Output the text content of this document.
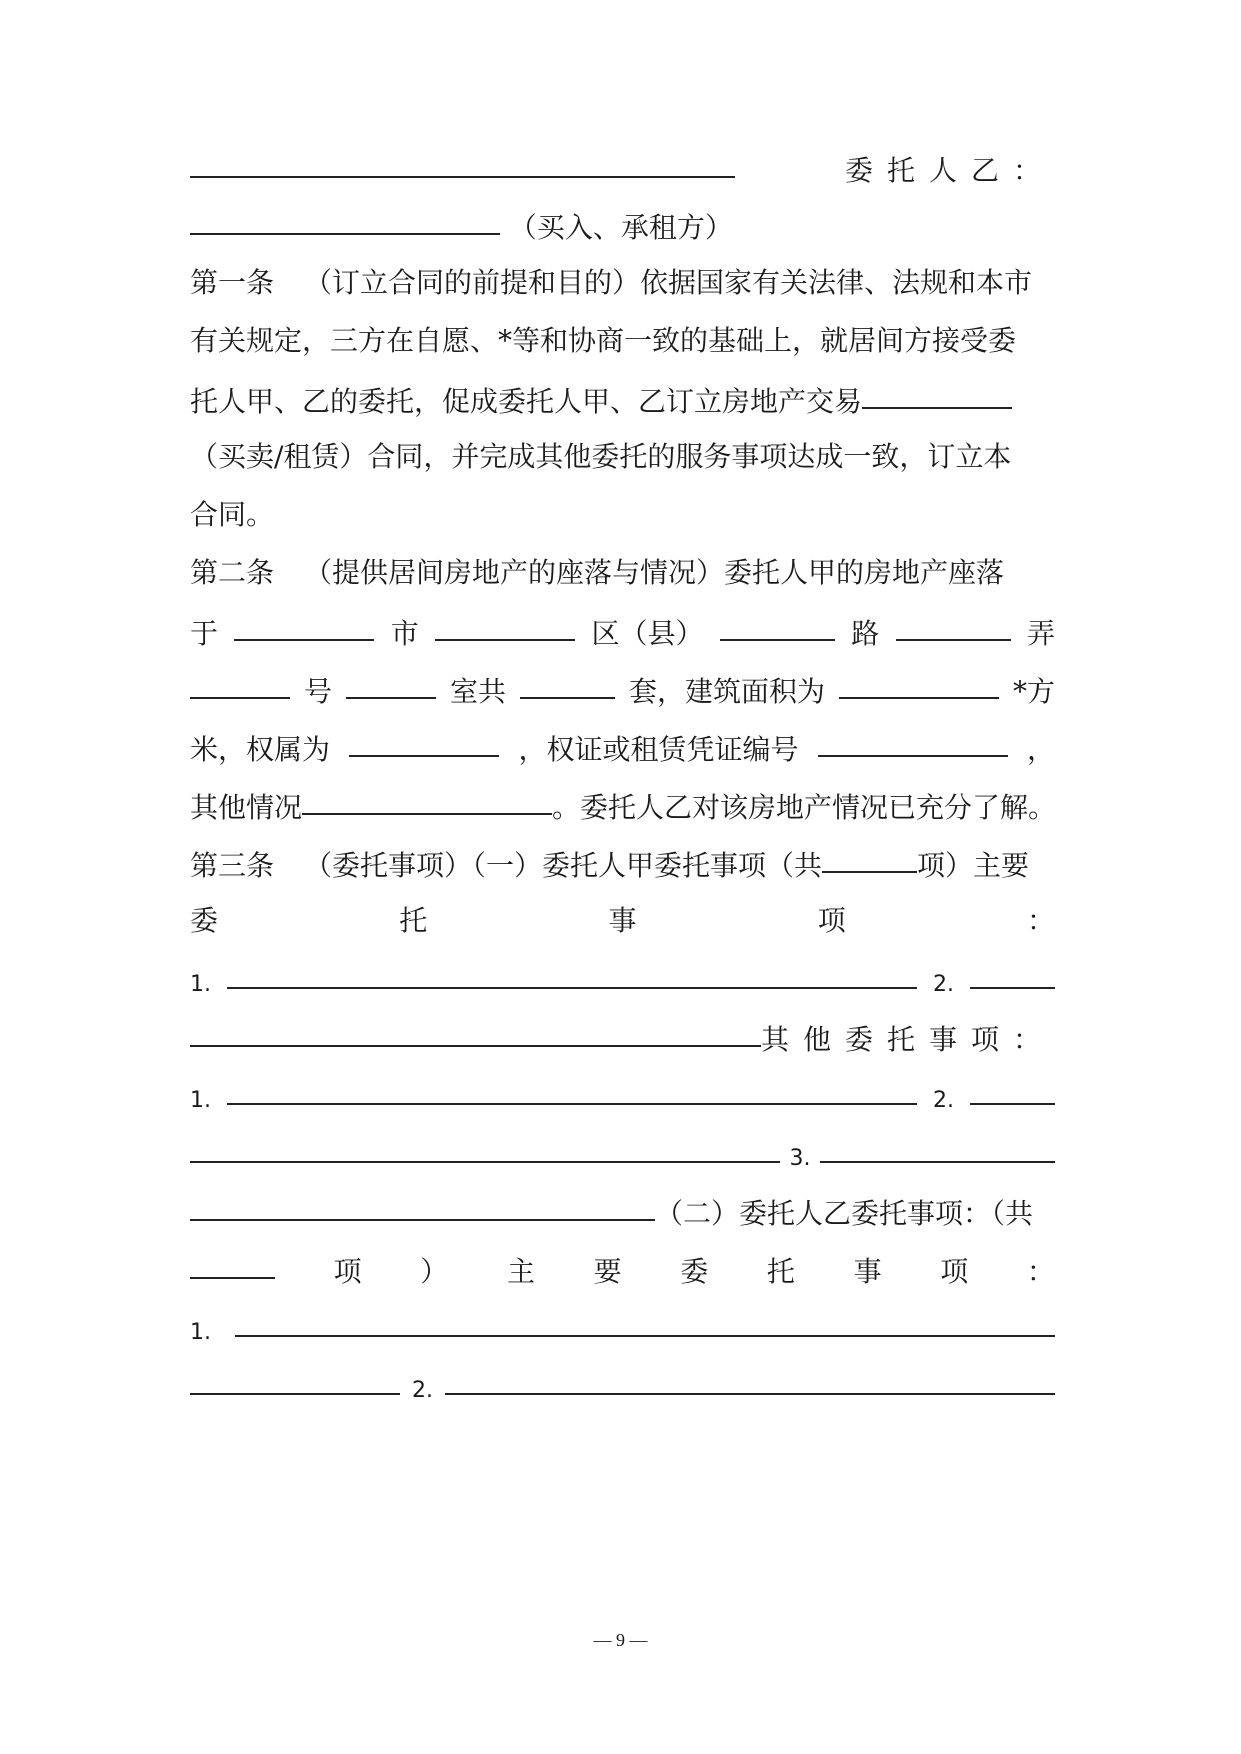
委托人乙：
（买入、承租方）
第一条 （订立合同的前提和目的）依据国家有关法律、法规和本市
有关规定，三方在自愿、*等和协商一致的基础上，就居间方接受委
托人甲、乙的委托，促成委托人甲、乙订立房地产交易
（买卖/租赁）合同，并完成其他委托的服务事项达成一致，订立本
合同。
第二条 （提供居间房地产的座落与情况）委托人甲的房地产座落
于	市	区（县）	路	弄
号	室共	套，建筑面积为	*方
米，权属为	，权证或租赁凭证编号	，
其他情况	。委托人乙对该房地产情况已充分了解。
第三条 （委托事项）（一）委托人甲委托事项（共	项）主要
委	托	事	项	：
1.	2.
其他委托事项：
1.	2.
3.
（二）委托人乙委托事项：（共
项 ） 主 要 委 托 事 项 ：
1.
2.
— 9 —
